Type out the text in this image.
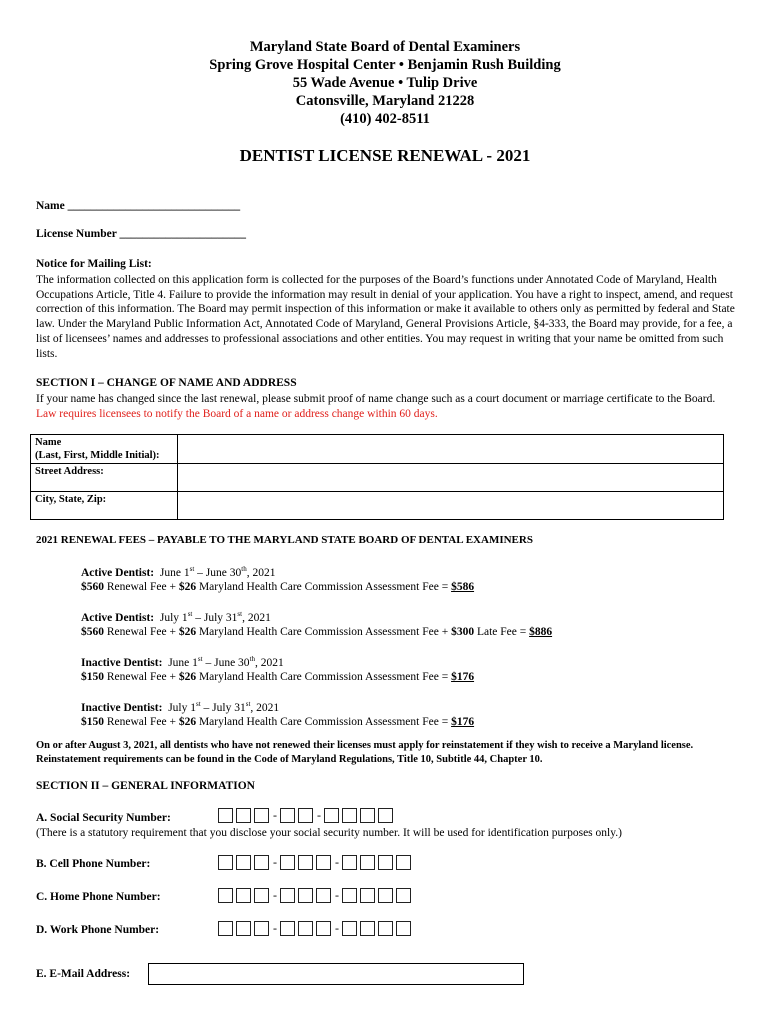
Maryland State Board of Dental Examiners
Spring Grove Hospital Center • Benjamin Rush Building
55 Wade Avenue • Tulip Drive
Catonsville, Maryland 21228
(410) 402-8511
DENTIST LICENSE RENEWAL - 2021
Name ______________________________
License Number ______________________
Notice for Mailing List:
The information collected on this application form is collected for the purposes of the Board’s functions under Annotated Code of Maryland, Health Occupations Article, Title 4. Failure to provide the information may result in denial of your application. You have a right to inspect, amend, and request correction of this information. The Board may permit inspection of this information or make it available to others only as permitted by federal and State law. Under the Maryland Public Information Act, Annotated Code of Maryland, General Provisions Article, §4-333, the Board may provide, for a fee, a list of licensees’ names and addresses to professional associations and other entities. You may request in writing that your name be omitted from such lists.
SECTION I – CHANGE OF NAME AND ADDRESS
If your name has changed since the last renewal, please submit proof of name change such as a court document or marriage certificate to the Board. Law requires licensees to notify the Board of a name or address change within 60 days.
Name
(Last, First, Middle Initial):	

Street Address:	
City, State, Zip:	
2021 RENEWAL FEES – PAYABLE TO THE MARYLAND STATE BOARD OF DENTAL EXAMINERS
Active Dentist: June 1st – June 30th, 2021
$560 Renewal Fee + $26 Maryland Health Care Commission Assessment Fee = $586
Active Dentist: July 1st – July 31st, 2021
$560 Renewal Fee + $26 Maryland Health Care Commission Assessment Fee + $300 Late Fee = $886
Inactive Dentist: June 1st – June 30th, 2021
$150 Renewal Fee + $26 Maryland Health Care Commission Assessment Fee = $176
Inactive Dentist: July 1st – July 31st, 2021
$150 Renewal Fee + $26 Maryland Health Care Commission Assessment Fee = $176
On or after August 3, 2021, all dentists who have not renewed their licenses must apply for reinstatement if they wish to receive a Maryland license. Reinstatement requirements can be found in the Code of Maryland Regulations, Title 10, Subtitle 44, Chapter 10.
SECTION II – GENERAL INFORMATION
A. Social Security Number:	-	-
(There is a statutory requirement that you disclose your social security number. It will be used for identification purposes only.)
B. Cell Phone Number:	-	-
C. Home Phone Number:	-	-
D. Work Phone Number:	-	-
E. E-Mail Address:
